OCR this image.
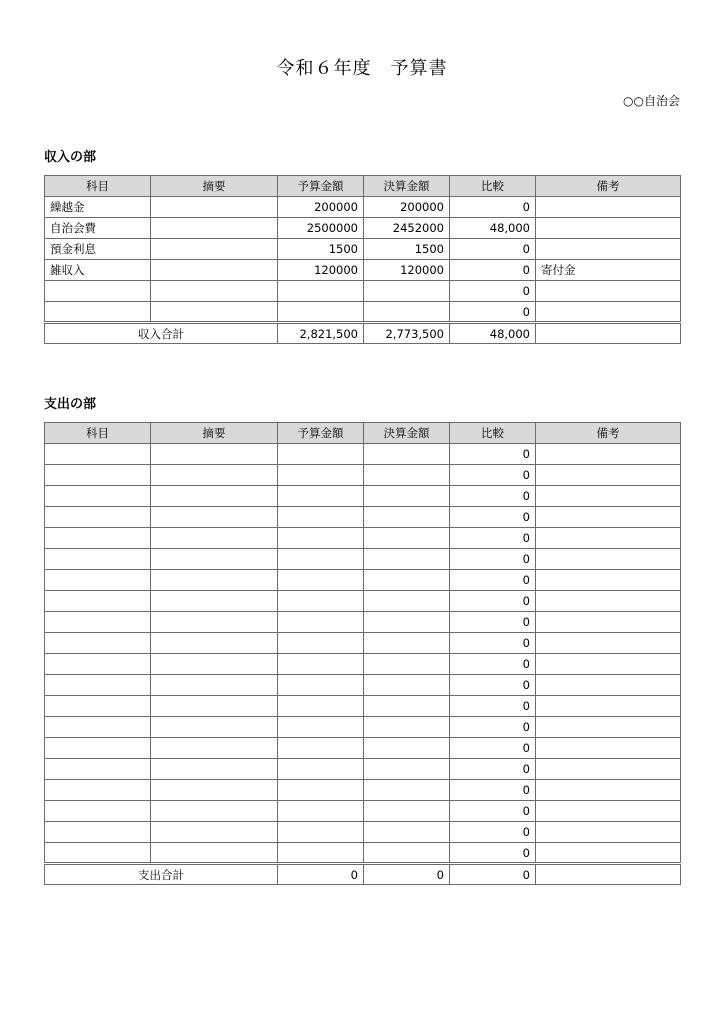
令和６年度　予算書
○○自治会
収入の部
科目	摘要	予算金額	決算金額	比較	備考
繰越金		200000	200000	0	
自治会費		2500000	2452000	48,000	
預金利息		1500	1500	0	
雑収入		120000	120000	0	寄付金
				0	
				0	
収入合計		2,821,500	2,773,500	48,000	
支出の部
科目	摘要	予算金額	決算金額	比較	備考
				0	
				0	
				0	
				0	
				0	
				0	
				0	
				0	
				0	
				0	
				0	
				0	
				0	
				0	
				0	
				0	
				0	
				0	
				0	
				0	
支出合計		0	0	0	
